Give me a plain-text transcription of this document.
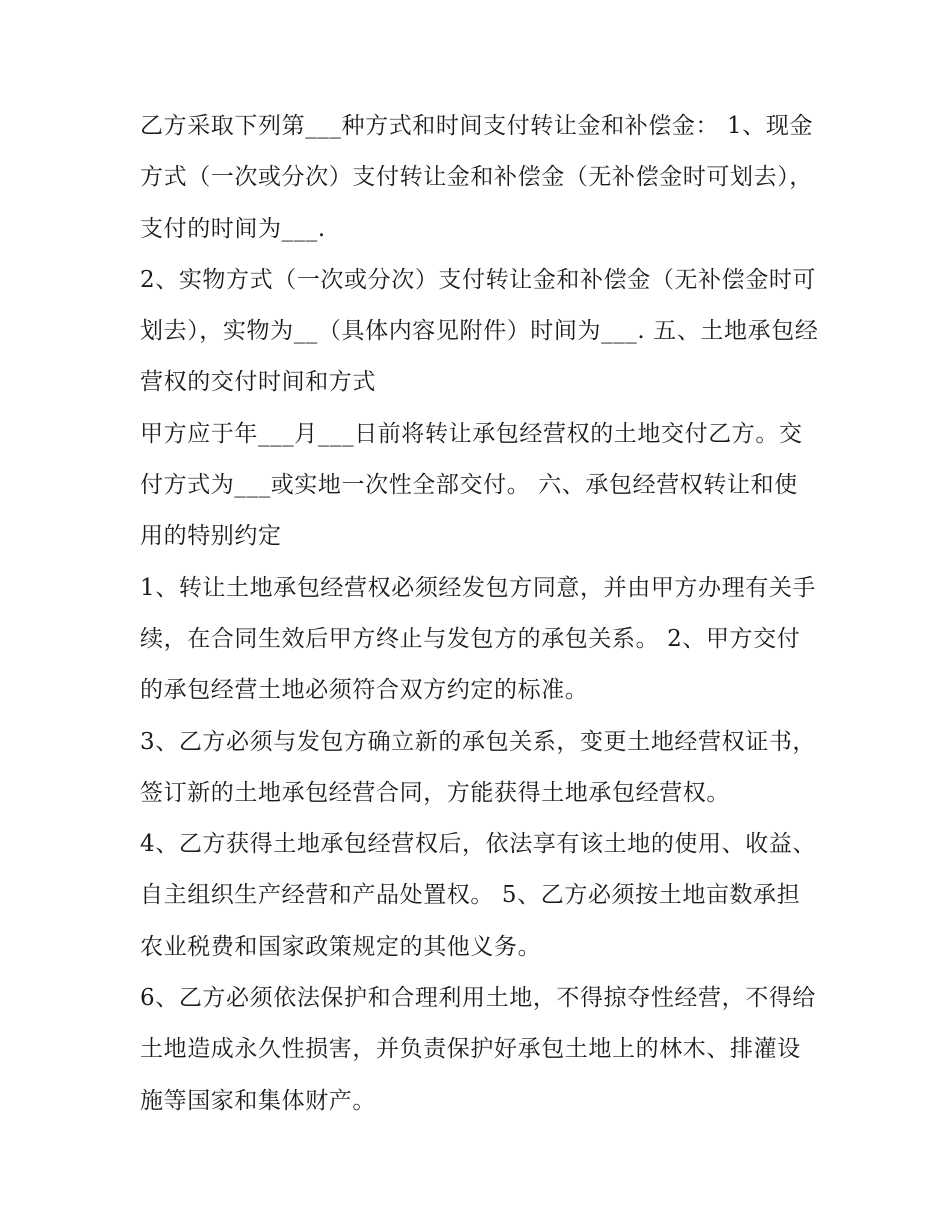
乙方采取下列第___种方式和时间支付转让金和补偿金： 1、现金方式（一次或分次）支付转让金和补偿金（无补偿金时可划去），支付的时间为___.

2、实物方式（一次或分次）支付转让金和补偿金（无补偿金时可划去），实物为__（具体内容见附件）时间为___. 五、土地承包经营权的交付时间和方式

甲方应于年___月___日前将转让承包经营权的土地交付乙方。交付方式为___或实地一次性全部交付。 六、承包经营权转让和使用的特别约定

1、转让土地承包经营权必须经发包方同意，并由甲方办理有关手续，在合同生效后甲方终止与发包方的承包关系。 2、甲方交付的承包经营土地必须符合双方约定的标准。

3、乙方必须与发包方确立新的承包关系，变更土地经营权证书，签订新的土地承包经营合同，方能获得土地承包经营权。

4、乙方获得土地承包经营权后，依法享有该土地的使用、收益、自主组织生产经营和产品处置权。 5、乙方必须按土地亩数承担农业税费和国家政策规定的其他义务。

6、乙方必须依法保护和合理利用土地，不得掠夺性经营，不得给土地造成永久性损害，并负责保护好承包土地上的林木、排灌设施等国家和集体财产。
